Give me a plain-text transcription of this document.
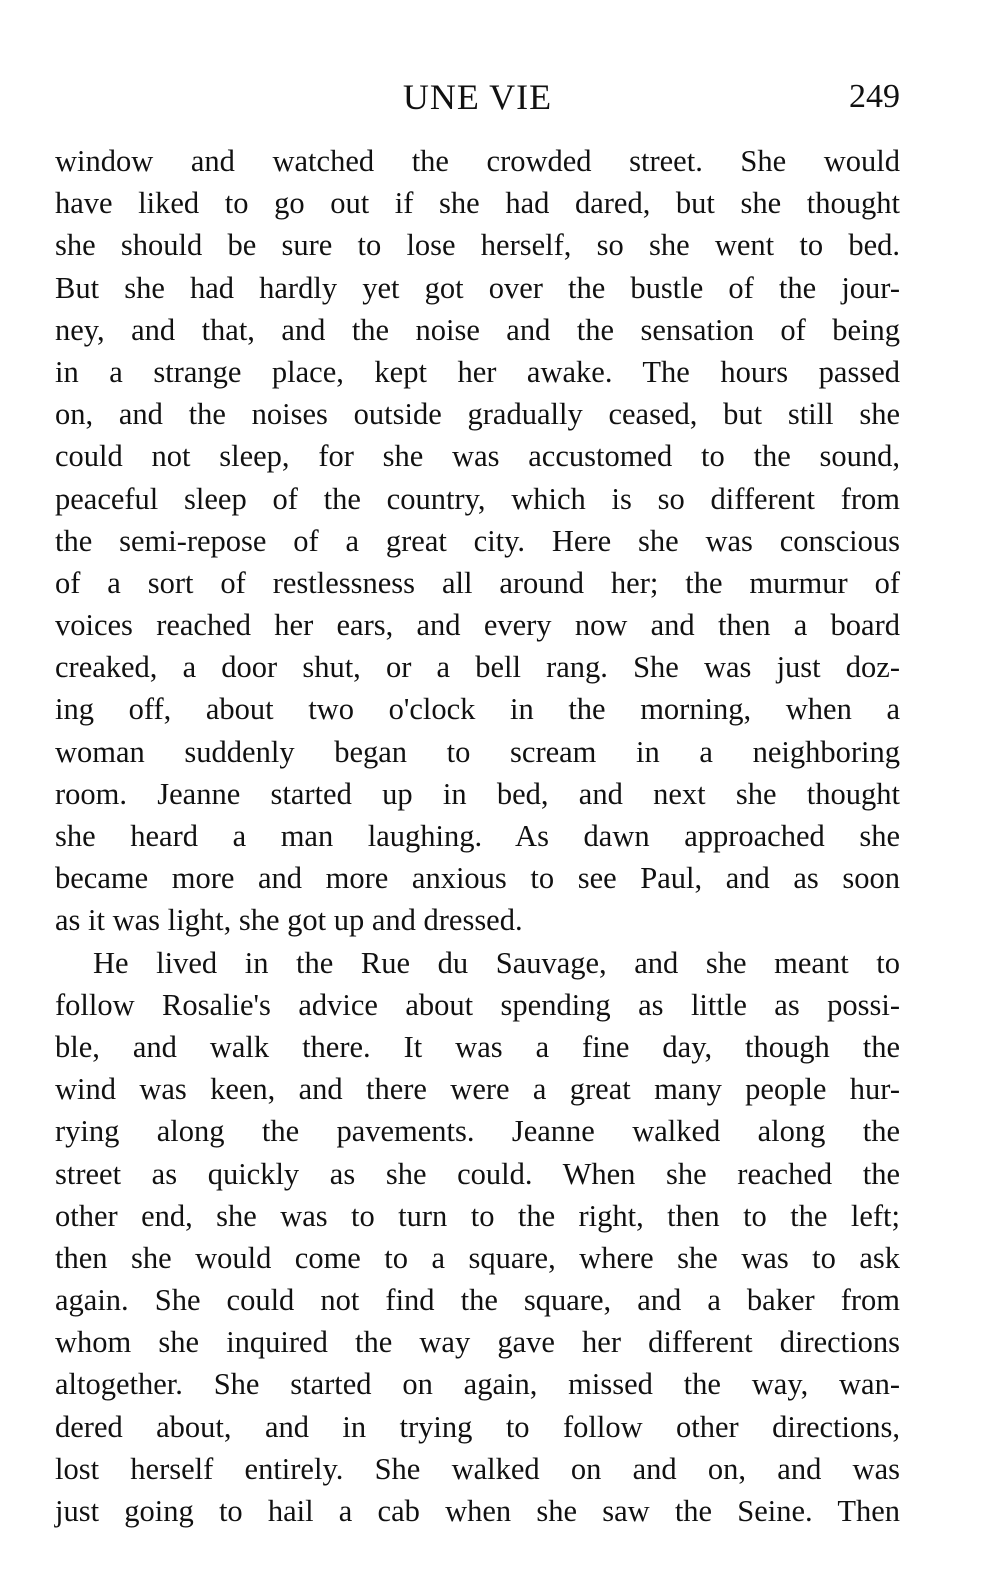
UNE VIE	249
window and watched the crowded street. She would
have liked to go out if she had dared, but she thought
she should be sure to lose herself, so she went to bed.
But she had hardly yet got over the bustle of the jour-
ney, and that, and the noise and the sensation of being
in a strange place, kept her awake. The hours passed
on, and the noises outside gradually ceased, but still she
could not sleep, for she was accustomed to the sound,
peaceful sleep of the country, which is so different from
the semi-repose of a great city. Here she was conscious
of a sort of restlessness all around her; the murmur of
voices reached her ears, and every now and then a board
creaked, a door shut, or a bell rang. She was just doz-
ing off, about two o'clock in the morning, when a
woman suddenly began to scream in a neighboring
room. Jeanne started up in bed, and next she thought
she heard a man laughing. As dawn approached she
became more and more anxious to see Paul, and as soon
as it was light, she got up and dressed.
He lived in the Rue du Sauvage, and she meant to
follow Rosalie's advice about spending as little as possi-
ble, and walk there. It was a fine day, though the
wind was keen, and there were a great many people hur-
rying along the pavements. Jeanne walked along the
street as quickly as she could. When she reached the
other end, she was to turn to the right, then to the left;
then she would come to a square, where she was to ask
again. She could not find the square, and a baker from
whom she inquired the way gave her different directions
altogether. She started on again, missed the way, wan-
dered about, and in trying to follow other directions,
lost herself entirely. She walked on and on, and was
just going to hail a cab when she saw the Seine. Then
